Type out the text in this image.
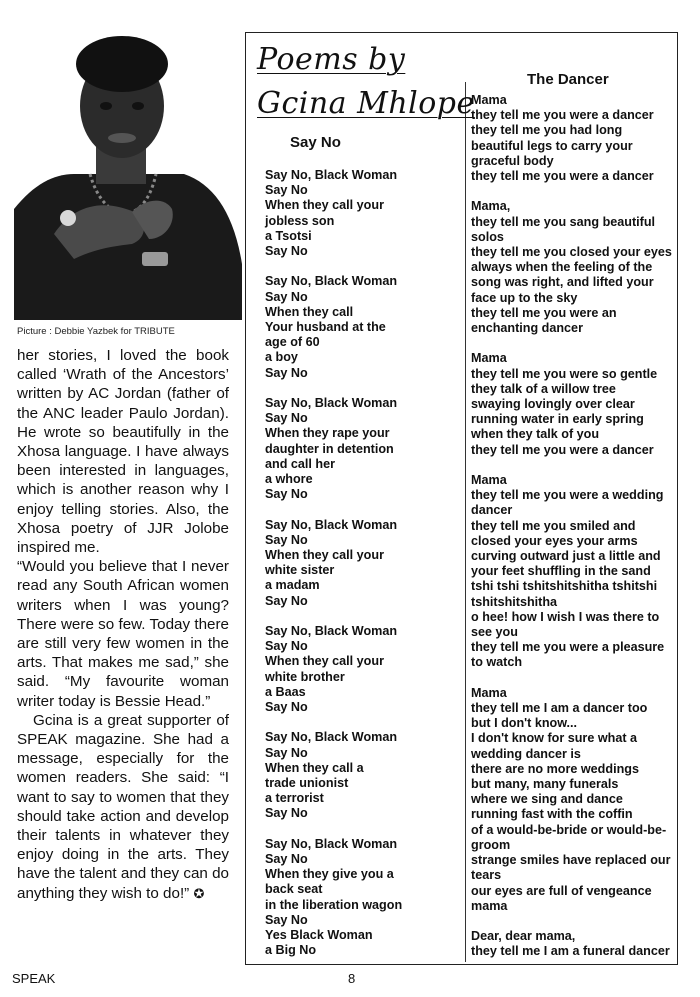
Picture : Debbie Yazbek for TRIBUTE

her stories, I loved the book called ‘Wrath of the Ancestors’ written by AC Jordan (father of the ANC leader Paulo Jordan). He wrote so beautifully in the Xhosa language. I have always been interested in languages, which is another reason why I enjoy telling stories. Also, the Xhosa poetry of JJR Jolobe inspired me.

“Would you believe that I never read any South African women writers when I was young? There were so few. Today there are still very few women in the arts. That makes me sad,” she said. “My favourite woman writer today is Bessie Head.”

Gcina is a great supporter of SPEAK magazine. She had a message, especially for the women readers. She said: “I want to say to women that they should take action and develop their talents in whatever they enjoy doing in the arts. They have the talent and they can do anything they wish to do!” ✪

Poems by
Gcina Mhlope
Say No
The Dancer
Say No, Black Woman
Say No
When they call your
jobless son
a Tsotsi
Say No
Say No, Black Woman
Say No
When they call
Your husband at the
age of 60
a boy
Say No
Say No, Black Woman
Say No
When they rape your
daughter in detention
and call her
a whore
Say No
Say No, Black Woman
Say No
When they call your
white sister
a madam
Say No
Say No, Black Woman
Say No
When they call your
white brother
a Baas
Say No
Say No, Black Woman
Say No
When they call a
trade unionist
a terrorist
Say No
Say No, Black Woman
Say No
When they give you a
back seat
in the liberation wagon
Say No
Yes Black Woman
a Big No
Mama
they tell me you were a dancer
they tell me you had long
beautiful legs to carry your
graceful body
they tell me you were a dancer
Mama,
they tell me you sang beautiful
solos
they tell me you closed your eyes
always when the feeling of the
song was right, and lifted your
face up to the sky
they tell me you were an
enchanting dancer
Mama
they tell me you were so gentle
they talk of a willow tree
swaying lovingly over clear
running water in early spring
when they talk of you
they tell me you were a dancer
Mama
they tell me you were a wedding
dancer
they tell me you smiled and
closed your eyes your arms
curving outward just a little and
your feet shuffling in the sand
tshi tshi tshitshitshitha tshitshi
tshitshitshitha
o hee! how I wish I was there to
see you
they tell me you were a pleasure
to watch
Mama
they tell me I am a dancer too
but I don't know...
I don't know for sure what a
wedding dancer is
there are no more weddings
but many, many funerals
where we sing and dance
running fast with the coffin
of a would-be-bride or would-be-
groom
strange smiles have replaced our
tears
our eyes are full of vengeance
mama
Dear, dear mama,
they tell me I am a funeral dancer
SPEAK	8
